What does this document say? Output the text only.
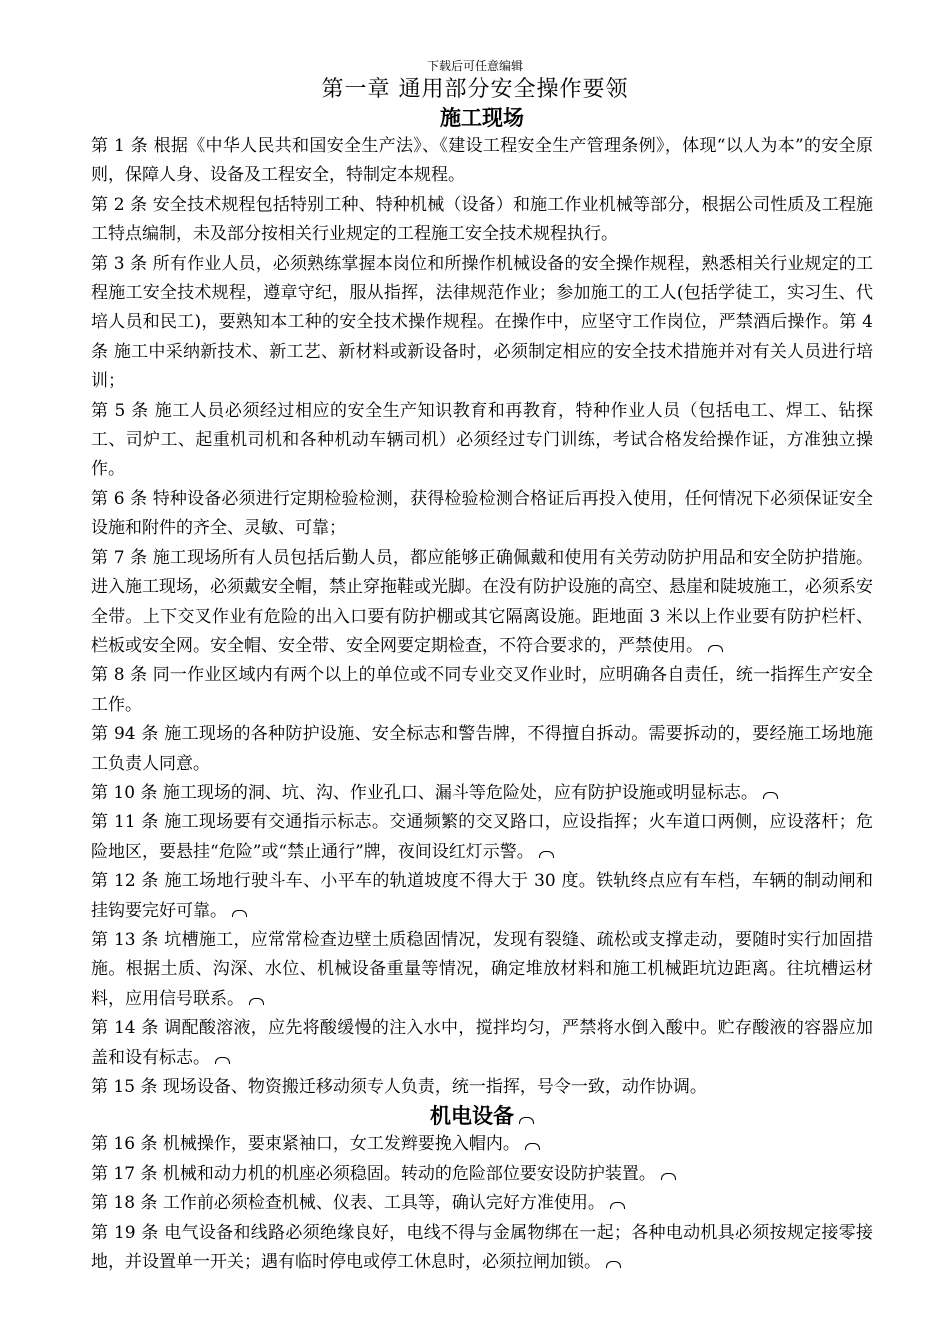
下载后可任意编辑
第一章 通用部分安全操作要领
施工现场

第 1 条 根据《中华人民共和国安全生产法》、《建设工程安全生产管理条例》，体现“以人为本”的安全原则，保障人身、设备及工程安全，特制定本规程。

第 2 条 安全技术规程包括特别工种、特种机械（设备）和施工作业机械等部分，根据公司性质及工程施工特点编制，未及部分按相关行业规定的工程施工安全技术规程执行。

第 3 条 所有作业人员，必须熟练掌握本岗位和所操作机械设备的安全操作规程，熟悉相关行业规定的工程施工安全技术规程，遵章守纪，服从指挥，法律规范作业；参加施工的工人(包括学徒工，实习生、代培人员和民工)，要熟知本工种的安全技术操作规程。在操作中，应坚守工作岗位，严禁酒后操作。第 4 条 施工中采纳新技术、新工艺、新材料或新设备时，必须制定相应的安全技术措施并对有关人员进行培训；

第 5 条 施工人员必须经过相应的安全生产知识教育和再教育，特种作业人员（包括电工、焊工、钻探工、司炉工、起重机司机和各种机动车辆司机）必须经过专门训练，考试合格发给操作证，方准独立操作。

第 6 条 特种设备必须进行定期检验检测，获得检验检测合格证后再投入使用，任何情况下必须保证安全设施和附件的齐全、灵敏、可靠；

第 7 条 施工现场所有人员包括后勤人员，都应能够正确佩戴和使用有关劳动防护用品和安全防护措施。进入施工现场，必须戴安全帽，禁止穿拖鞋或光脚。在没有防护设施的高空、悬崖和陡坡施工，必须系安全带。上下交叉作业有危险的出入口要有防护棚或其它隔离设施。距地面 3 米以上作业要有防护栏杆、栏板或安全网。安全帽、安全带、安全网要定期检查，不符合要求的，严禁使用。

第 8 条 同一作业区域内有两个以上的单位或不同专业交叉作业时，应明确各自责任，统一指挥生产安全工作。

第 94 条 施工现场的各种防护设施、安全标志和警告牌，不得擅自拆动。需要拆动的，要经施工场地施工负责人同意。

第 10 条 施工现场的洞、坑、沟、作业孔口、漏斗等危险处，应有防护设施或明显标志。

第 11 条 施工现场要有交通指示标志。交通频繁的交叉路口，应设指挥；火车道口两侧，应设落杆；危险地区，要悬挂“危险”或“禁止通行”牌，夜间设红灯示警。

第 12 条 施工场地行驶斗车、小平车的轨道坡度不得大于 30 度。铁轨终点应有车档，车辆的制动闸和挂钩要完好可靠。

第 13 条 坑槽施工，应常常检查边壁土质稳固情况，发现有裂缝、疏松或支撑走动，要随时实行加固措施。根据土质、沟深、水位、机械设备重量等情况，确定堆放材料和施工机械距坑边距离。往坑槽运材料，应用信号联系。

第 14 条 调配酸溶液，应先将酸缓慢的注入水中，搅拌均匀，严禁将水倒入酸中。贮存酸液的容器应加盖和设有标志。

第 15 条 现场设备、物资搬迁移动须专人负责，统一指挥，号令一致，动作协调。

机电设备

第 16 条 机械操作，要束紧袖口，女工发辫要挽入帽内。

第 17 条 机械和动力机的机座必须稳固。转动的危险部位要安设防护装置。

第 18 条 工作前必须检查机械、仪表、工具等，确认完好方准使用。

第 19 条 电气设备和线路必须绝缘良好，电线不得与金属物绑在一起；各种电动机具必须按规定接零接地，并设置单一开关；遇有临时停电或停工休息时，必须拉闸加锁。
